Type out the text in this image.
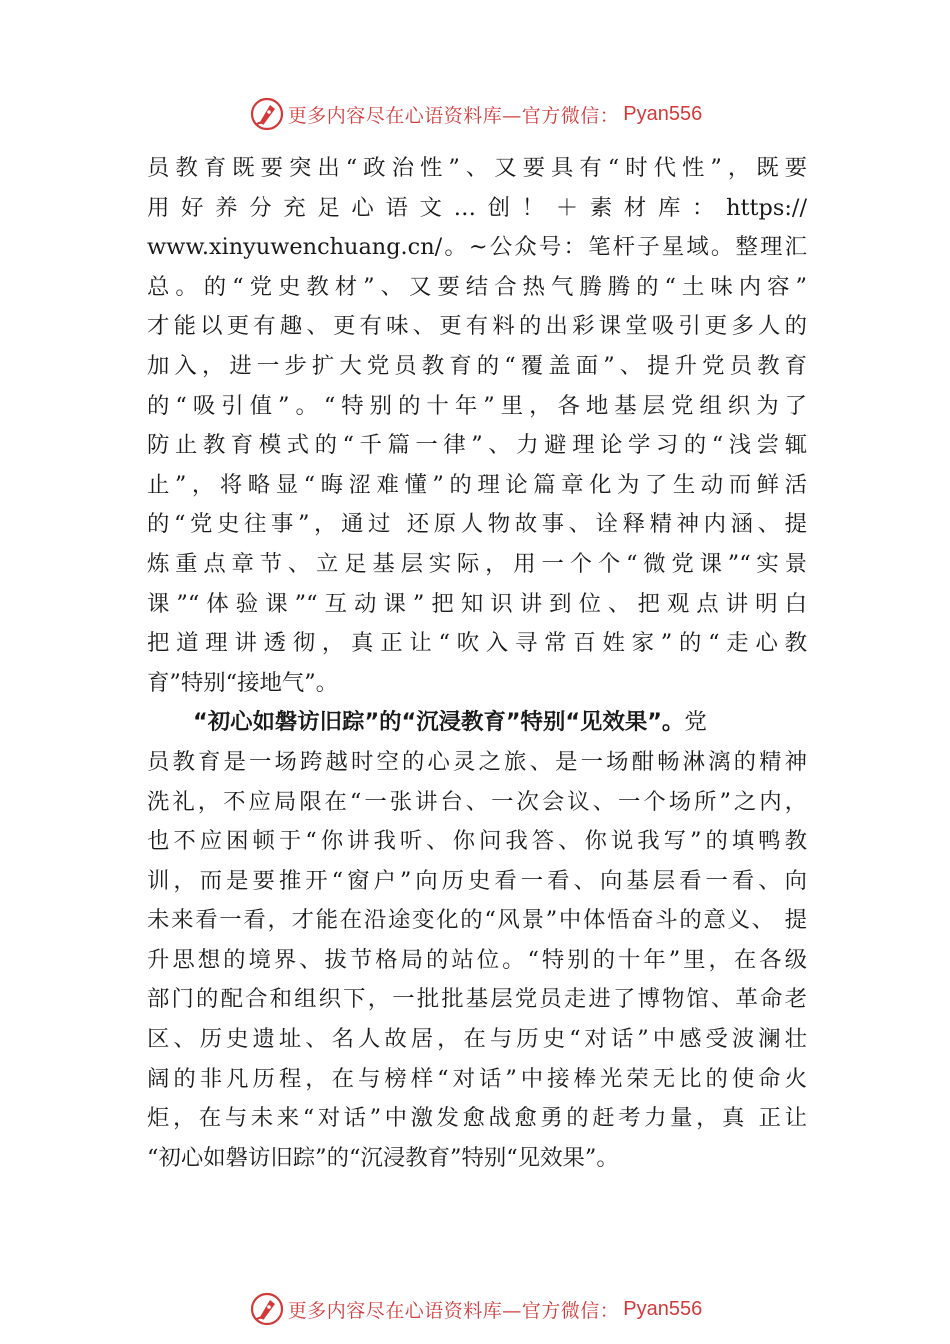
更多内容尽在心语资料库—官方微信： Pyan556
员教育既要突出“政治性”、又要具有“时代性”，既要
用好养分充足心语文…创！＋素材库：https://
www.xinyuwenchuang.cn/。~公众号：笔杆子星域。整理汇
总。的“党史教材”、又要结合热气腾腾的“土味内容”
才能以更有趣、更有味、更有料的出彩课堂吸引更多人的
加入，进一步扩大党员教育的“覆盖面”、提升党员教育
的“吸引值”。“特别的十年”里，各地基层党组织为了
防止教育模式的“千篇一律”、力避理论学习的“浅尝辄
止”，将略显“晦涩难懂”的理论篇章化为了生动而鲜活
的“党史往事”，通过 还原人物故事、诠释精神内涵、提
炼重点章节、立足基层实际，用一个个“微党课”“实景
课”“体验课”“互动课”把知识讲到位、把观点讲明白
把道理讲透彻，真正让“吹入寻常百姓家”的“走心教
育”特别“接地气”。
“初心如磐访旧踪”的“沉浸教育”特别“见效果”。党
员教育是一场跨越时空的心灵之旅、是一场酣畅淋漓的精神
洗礼，不应局限在“一张讲台、一次会议、一个场所”之内，
也不应困顿于“你讲我听、你问我答、你说我写”的填鸭教
训，而是要推开“窗户”向历史看一看、向基层看一看、向
未来看一看，才能在沿途变化的“风景”中体悟奋斗的意义、 提
升思想的境界、拔节格局的站位。“特别的十年”里，在各级
部门的配合和组织下，一批批基层党员走进了博物馆、革命老
区、历史遗址、名人故居，在与历史“对话”中感受波澜壮
阔的非凡历程，在与榜样“对话”中接棒光荣无比的使命火
炬，在与未来“对话”中激发愈战愈勇的赶考力量，真 正让
“初心如磐访旧踪”的“沉浸教育”特别“见效果”。
更多内容尽在心语资料库—官方微信： Pyan556
